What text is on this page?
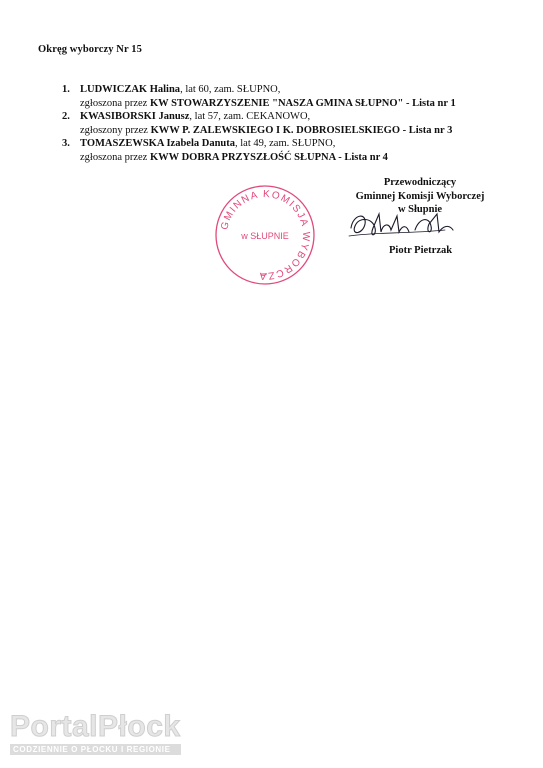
Okręg wyborczy Nr 15
1. LUDWICZAK Halina, lat 60, zam. SŁUPNO,
zgłoszona przez KW STOWARZYSZENIE "NASZA GMINA SŁUPNO" - Lista nr 1
2. KWASIBORSKI Janusz, lat 57, zam. CEKANOWO,
zgłoszony przez KWW P. ZALEWSKIEGO I K. DOBROSIELSKIEGO - Lista nr 3
3. TOMASZEWSKA Izabela Danuta, lat 49, zam. SŁUPNO,
zgłoszona przez KWW DOBRA PRZYSZŁOŚĆ SŁUPNA - Lista nr 4
GMINNA KOMISJA WYBORCZA
w SŁUPNIE
Przewodniczący
Gminnej Komisji Wyborczej
w Słupnie
Piotr Pietrzak
PortalPłock
CODZIENNIE O PŁOCKU I REGIONIE
